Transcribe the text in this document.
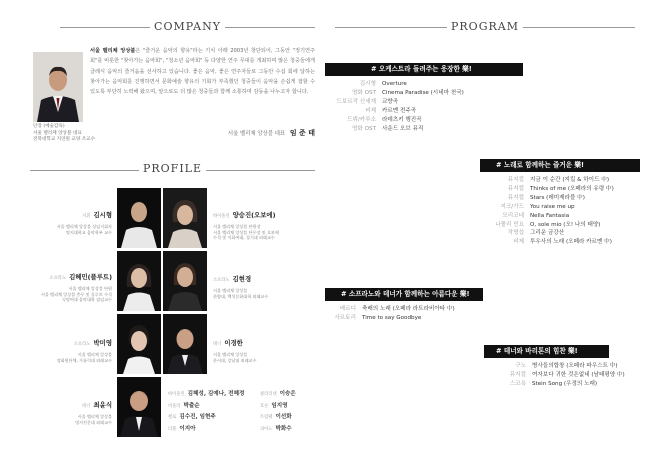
COMPANY
단장 (예술감독)
서울 벨리체 앙상블 대표
전북대학교 지연원 교양 조교수
서울 벨리체 앙상블은 "즐거운 음악의 향유"라는 기치 아래 2003년 창단되어, 그동안 "정기연주회"를 비롯한 "찾아가는 음악회", "청소년 음악회" 등 다양한 연주 무대를 개최하며 많은 청중들에게 클래식 음악의 즐거움을 선사하고 있습니다. 좋은 음악, 좋은 연주자들로 그동안 수십 회에 달하는 찾아가는 음악회를 진행하면서 문화예술 향유의 기회가 부족했던 청중들이 음악을 손쉽게 접할 수 있도록 부단히 노력해 왔으며, 앞으로도 더 많은 청중들과 함께 소통하며 감동을 나누고자 합니다.
서울 벨리체 앙상블 대표 임 준 태
PROFILE
지휘 김시형
서울 벨리체 앙상블 상임지휘자
명지대학교 음악학부 교수
소프라노 김혜민(플루트)
서울 벨리체 앙상블 단원
서울 벨리체 앙상블 총무 및 플루트 수석
숙명여대 음악대학 겸임교수
소프라노 박미영
서울 벨리체 앙상블
정회원단체, 가톨릭대 외래교수
테너 최윤식
서울 벨리체 앙상블
명지전문대 외래교수
바이올린 양승진(오보에)
서울 벨리체 앙상블 단원장
서울 벨리체 앙상블 단무장 및 오보에
수석 및 이화여대, 경기대 외래교수
소프라노 김현경
서울 벨리체 앙상블
한양대, 백석문화대학 외래교수
테너 이경한
서울 벨리체 앙상블
한서대, 강남대 외래교수
바이올린 김혜성, 김예나, 전혜정
비올라 박출순
첼로 김수진, 임현주
더블 이지아
클라리넷 이승은
호른 임지영
트럼펫 이선화
피아노 박화수
PROGRAM
# 오케스트라 들려주는 웅장한 樂!
김시형	Overture
영화 OST	Cinema Paradise (시네마 천국)
드보르작 신세계	교향곡
비제	카르멘 전주곡
드뷔/카루소	라데츠키 행진곡
영화 OST	사운드 오브 뮤직
# 노래로 함께하는 즐거운 樂!
뮤지컬	지금 이 순간 (지킬 & 하이드 中)
뮤지컬	Thinks of me (오페라의 유령 中)
뮤지컬	Stars (레미제라블 中)
지크/가드	You raise me up
모리코네	Nella Fantasia
나폴리 민요	O, sole mio (오! 나의 태양)
작명섭	그리운 금강산
비제	투우사의 노래 (오페라 카르멘 中)
# 소프라노와 테너가 함께하는 아름다운 樂!
베르디	축배의 노래 (오페라 라트라비아타 中)
사르토리	Time to say Goodbye
# 테너와 바리톤의 힘찬 樂!
구노	병사들의합창 (오페라 파우스트 中)
뮤지컬	여자보다 귀한 것은없네 (남태평양 中)
스코욕	Stein Song (우정의 노래)
